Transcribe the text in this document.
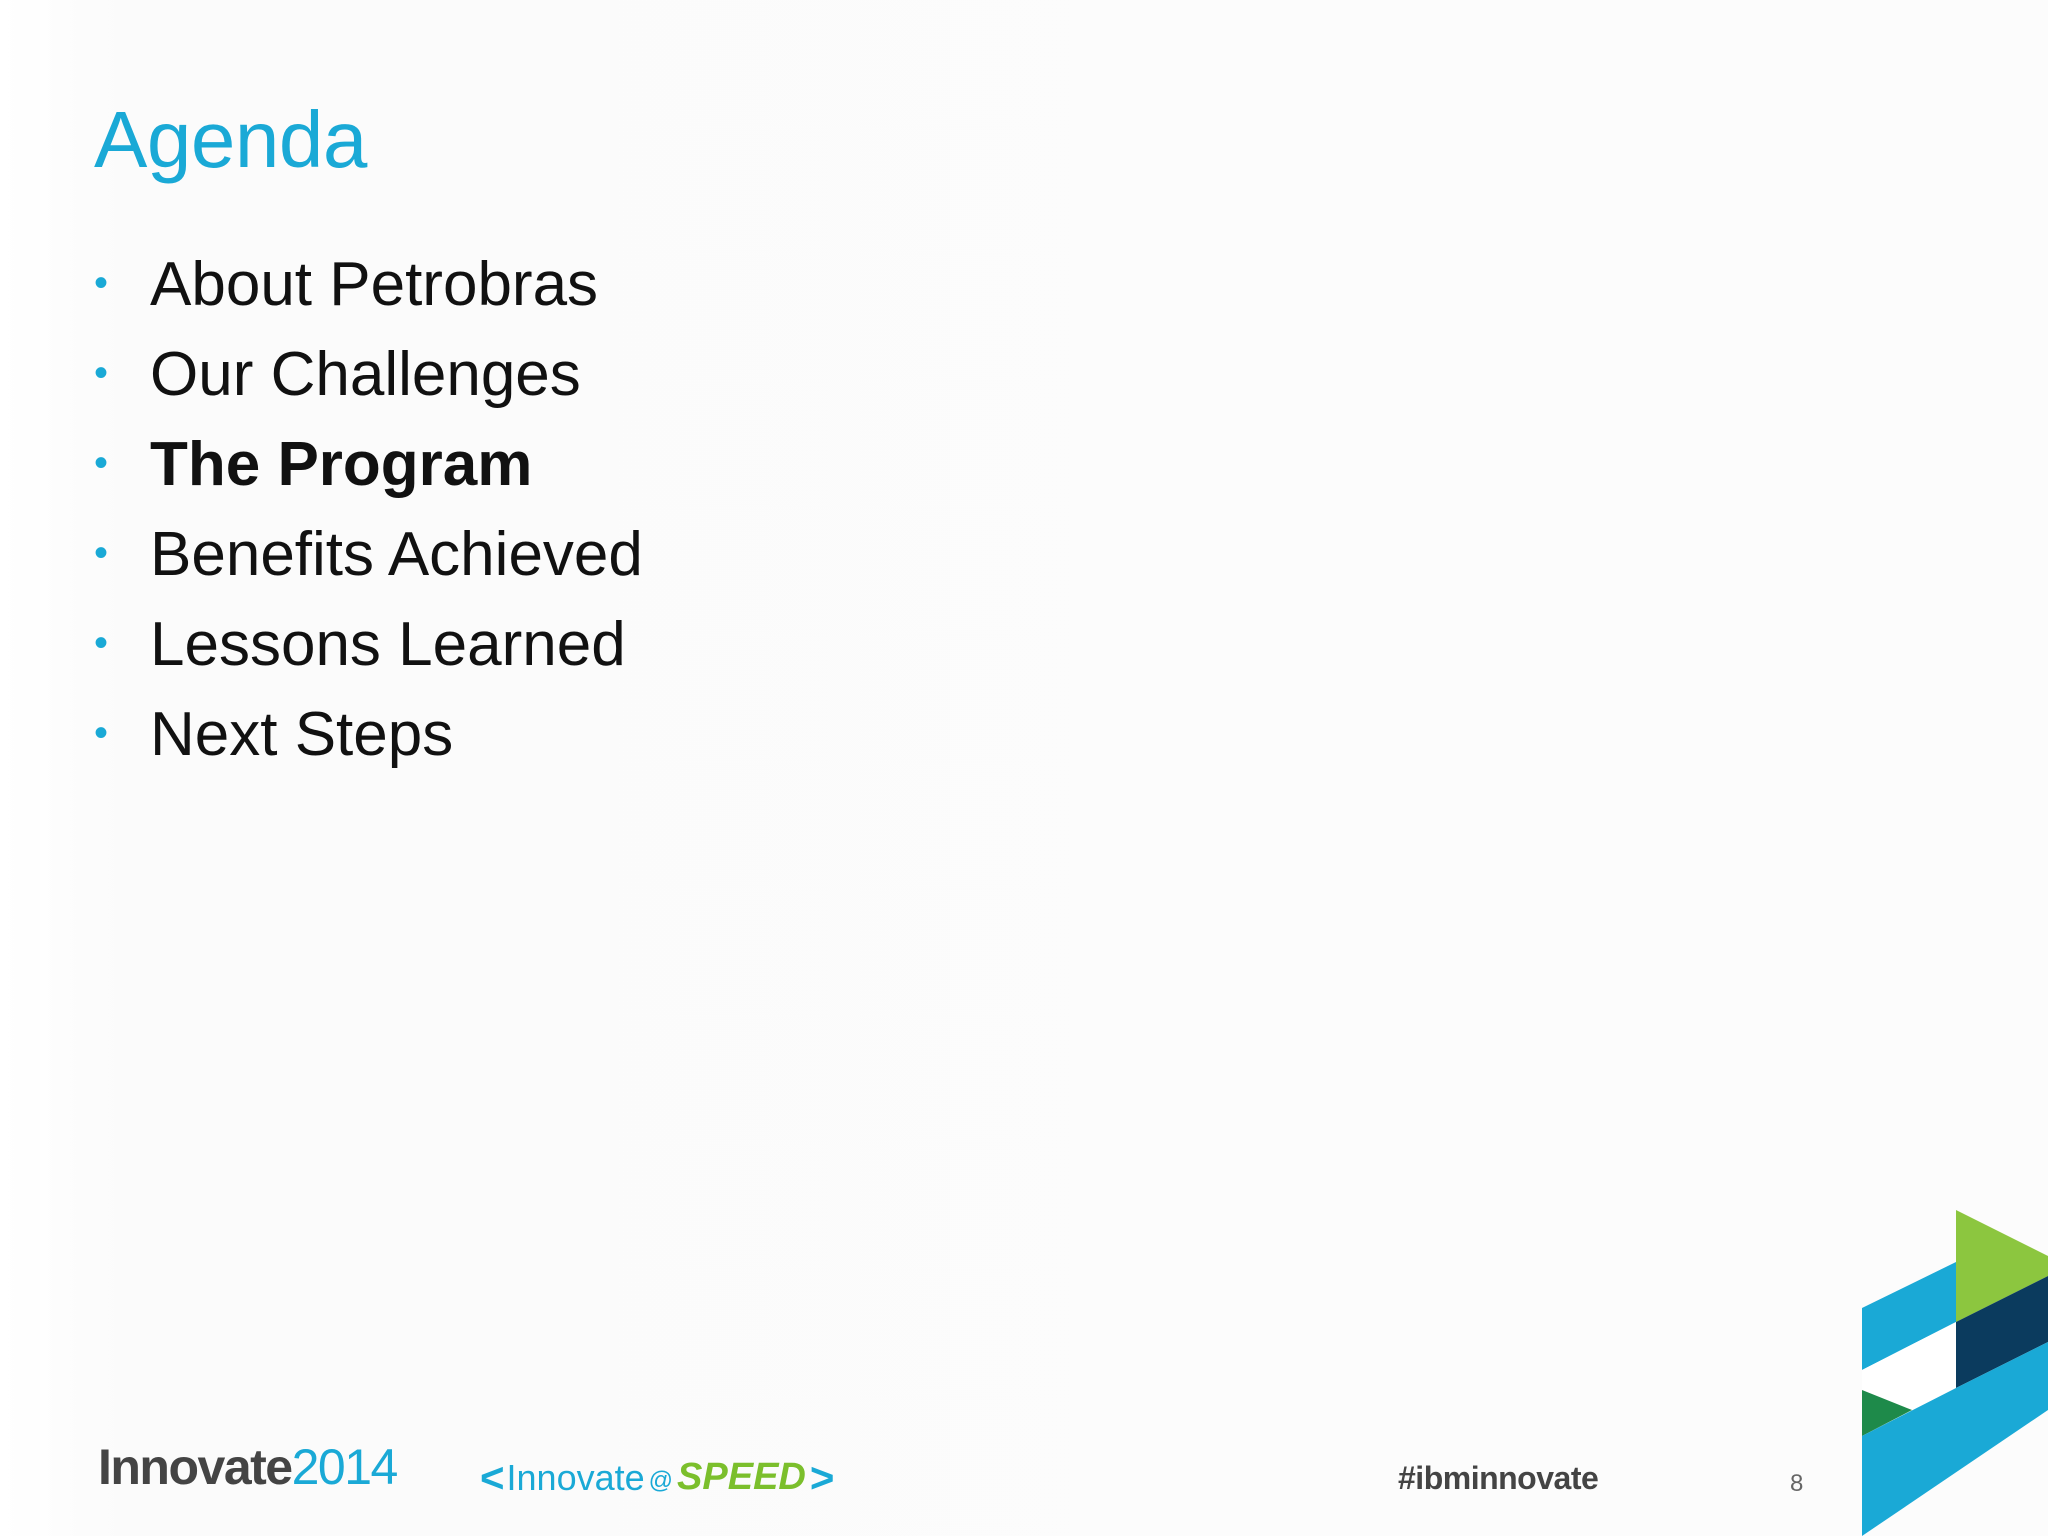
Agenda
• About Petrobras
• Our Challenges
• The Program
• Benefits Achieved
• Lessons Learned
• Next Steps
Innovate2014 < Innovate @ SPEED >	#ibminnovate	8
